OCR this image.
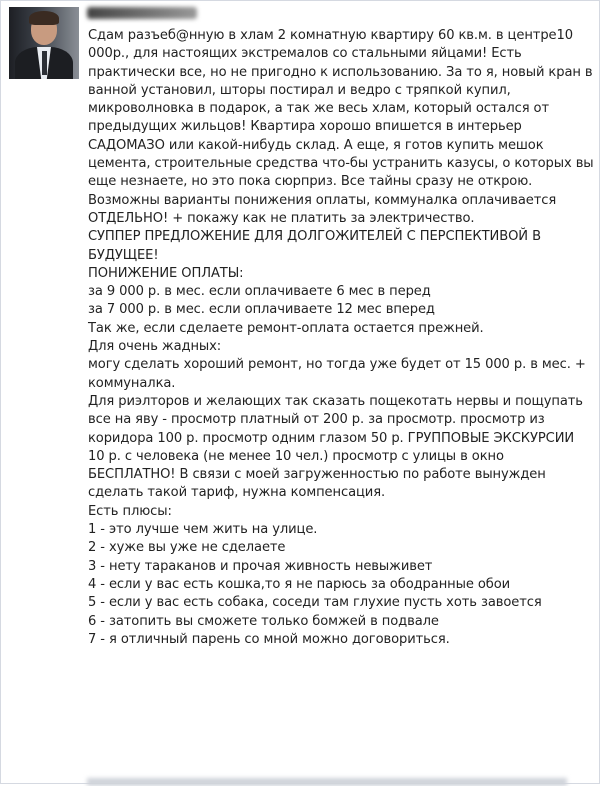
Сдам разъеб@нную в хлам 2 комнатную квартиру 60 кв.м. в центре10 000р., для настоящих экстремалов со стальными яйцами! Есть практически все, но не пригодно к использованию. За то я, новый кран в ванной установил, шторы постирал и ведро с тряпкой купил, микроволновка в подарок, а так же весь хлам, который остался от предыдущих жильцов! Квартира хорошо впишется в интерьер САДОМАЗО или какой-нибудь склад. А еще, я готов купить мешок цемента, строительные средства что-бы устранить казусы, о которых вы еще незнаете, но это пока сюрприз. Все тайны сразу не открою. Возможны варианты понижения оплаты, коммуналка оплачивается ОТДЕЛЬНО! + покажу как не платить за электричество.

СУППЕР ПРЕДЛОЖЕНИЕ ДЛЯ ДОЛГОЖИТЕЛЕЙ С ПЕРСПЕКТИВОЙ В БУДУЩЕЕ!

ПОНИЖЕНИЕ ОПЛАТЫ:

за 9 000 р. в мес. если оплачиваете 6 мес в перед

за 7 000 р. в мес. если оплачиваете 12 мес вперед

Так же, если сделаете ремонт-оплата остается прежней.

Для очень жадных:

могу сделать хороший ремонт, но тогда уже будет от 15 000 р. в мес. + коммуналка.

Для риэлторов и желающих так сказать пощекотать нервы и пощупать все на яву - просмотр платный от 200 р. за просмотр. просмотр из коридора 100 р. просмотр одним глазом 50 р. ГРУППОВЫЕ ЭКСКУРСИИ 10 р. с человека (не менее 10 чел.) просмотр с улицы в окно БЕСПЛАТНО! В связи с моей загруженностью по работе вынужден сделать такой тариф, нужна компенсация.

Есть плюсы:

1 - это лучше чем жить на улице.

2 - хуже вы уже не сделаете

3 - нету тараканов и прочая живность невыживет

4 - если у вас есть кошка,то я не парюсь за ободранные обои

5 - если у вас есть собака, соседи там глухие пусть хоть завоется

6 - затопить вы сможете только бомжей в подвале

7 - я отличный парень со мной можно договориться.
